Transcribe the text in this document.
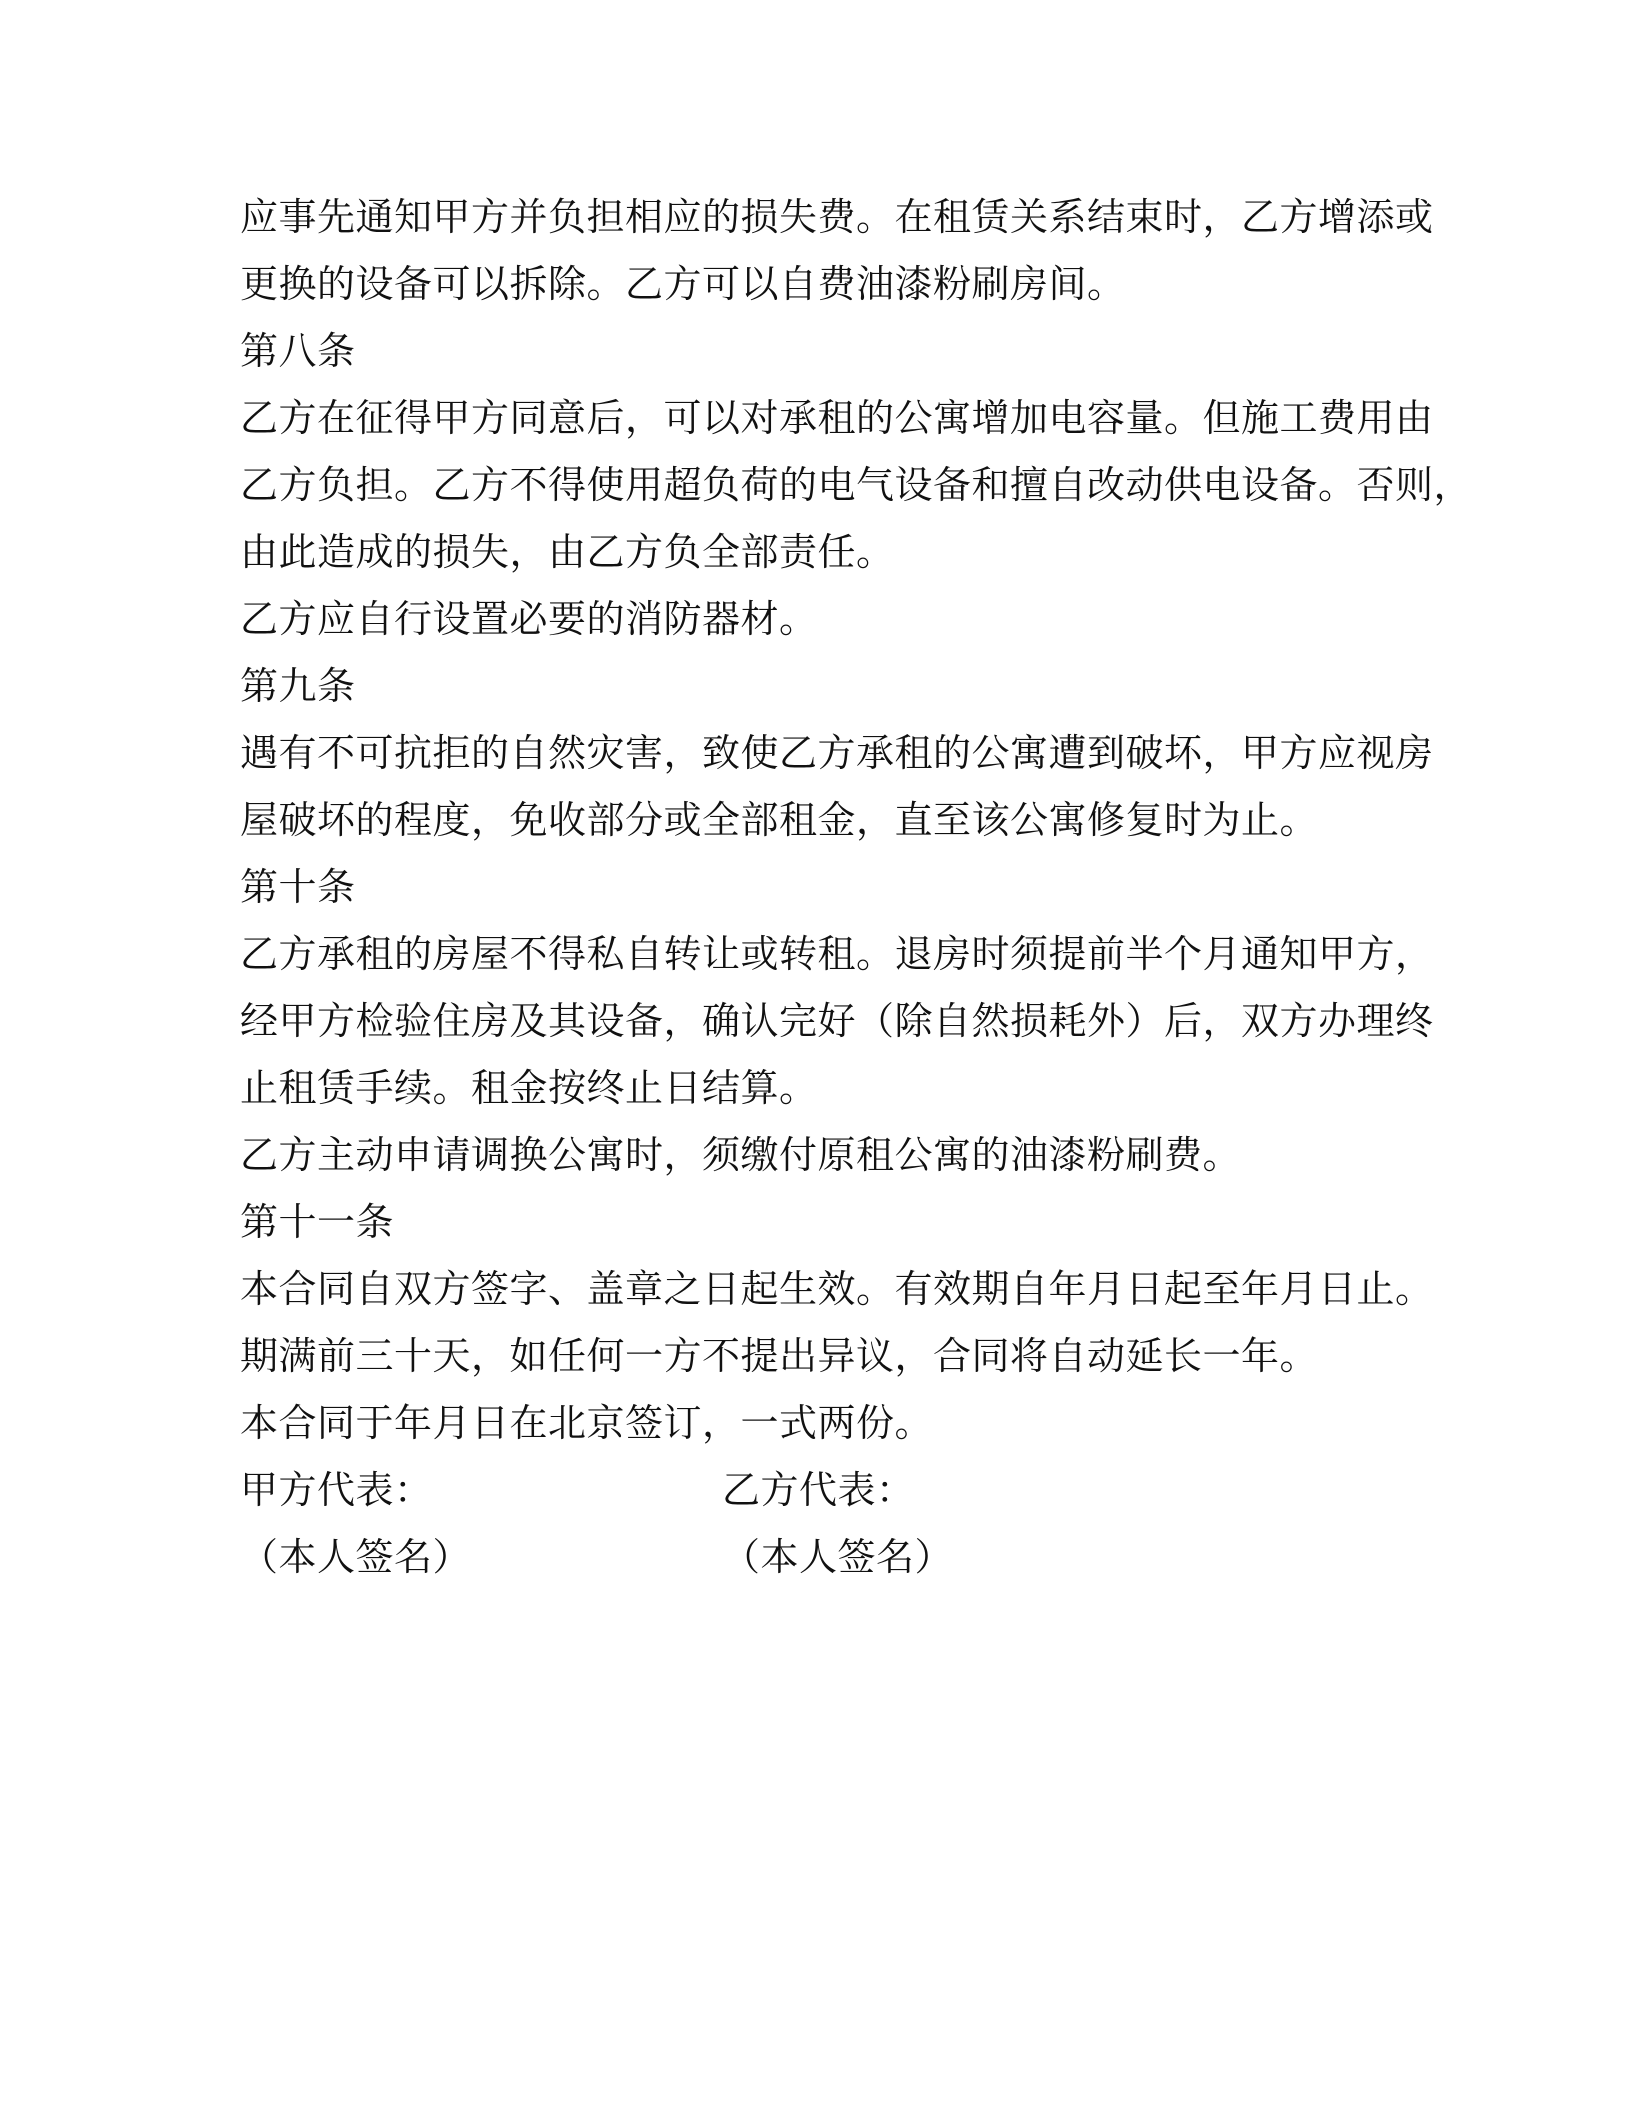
应事先通知甲方并负担相应的损失费。在租赁关系结束时，乙方增添或
更换的设备可以拆除。乙方可以自费油漆粉刷房间。
第八条
乙方在征得甲方同意后，可以对承租的公寓增加电容量。但施工费用由
乙方负担。乙方不得使用超负荷的电气设备和擅自改动供电设备。否则，
由此造成的损失，由乙方负全部责任。
乙方应自行设置必要的消防器材。
第九条
遇有不可抗拒的自然灾害，致使乙方承租的公寓遭到破坏，甲方应视房
屋破坏的程度，免收部分或全部租金，直至该公寓修复时为止。
第十条
乙方承租的房屋不得私自转让或转租。退房时须提前半个月通知甲方，
经甲方检验住房及其设备，确认完好（除自然损耗外）后，双方办理终
止租赁手续。租金按终止日结算。
乙方主动申请调换公寓时，须缴付原租公寓的油漆粉刷费。
第十一条
本合同自双方签字、盖章之日起生效。有效期自年月日起至年月日止。
期满前三十天，如任何一方不提出异议，合同将自动延长一年。
本合同于年月日在北京签订，一式两份。
甲方代表：	乙方代表：
（本人签名）	（本人签名）
